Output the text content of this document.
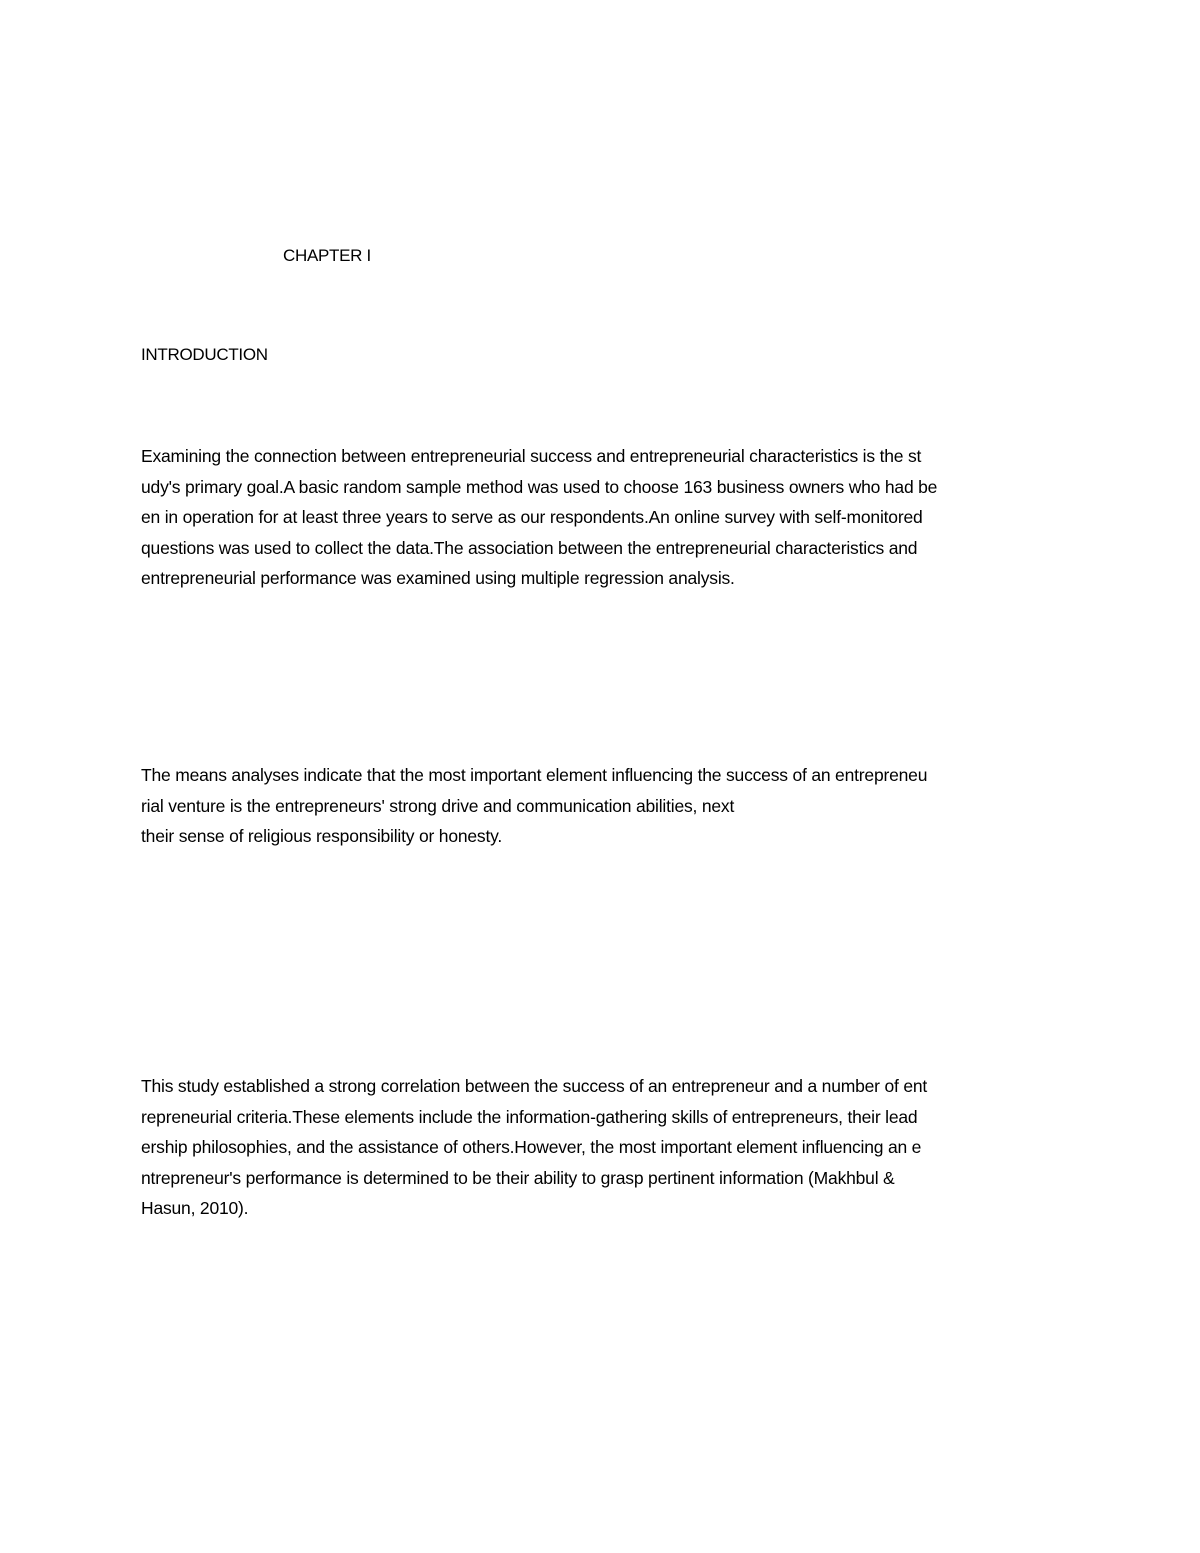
CHAPTER I
INTRODUCTION
Examining the connection between entrepreneurial success and entrepreneurial characteristics is the st
udy's primary goal.A basic random sample method was used to choose 163 business owners who had be
en in operation for at least three years to serve as our respondents.An online survey with self-monitored
questions was used to collect the data.The association between the entrepreneurial characteristics and
entrepreneurial performance was examined using multiple regression analysis.
The means analyses indicate that the most important element influencing the success of an entrepreneu
rial venture is the entrepreneurs' strong drive and communication abilities, next
their sense of religious responsibility or honesty.
This study established a strong correlation between the success of an entrepreneur and a number of ent
repreneurial criteria.These elements include the information-gathering skills of entrepreneurs, their lead
ership philosophies, and the assistance of others.However, the most important element influencing an e
ntrepreneur's performance is determined to be their ability to grasp pertinent information (Makhbul &
Hasun, 2010).
